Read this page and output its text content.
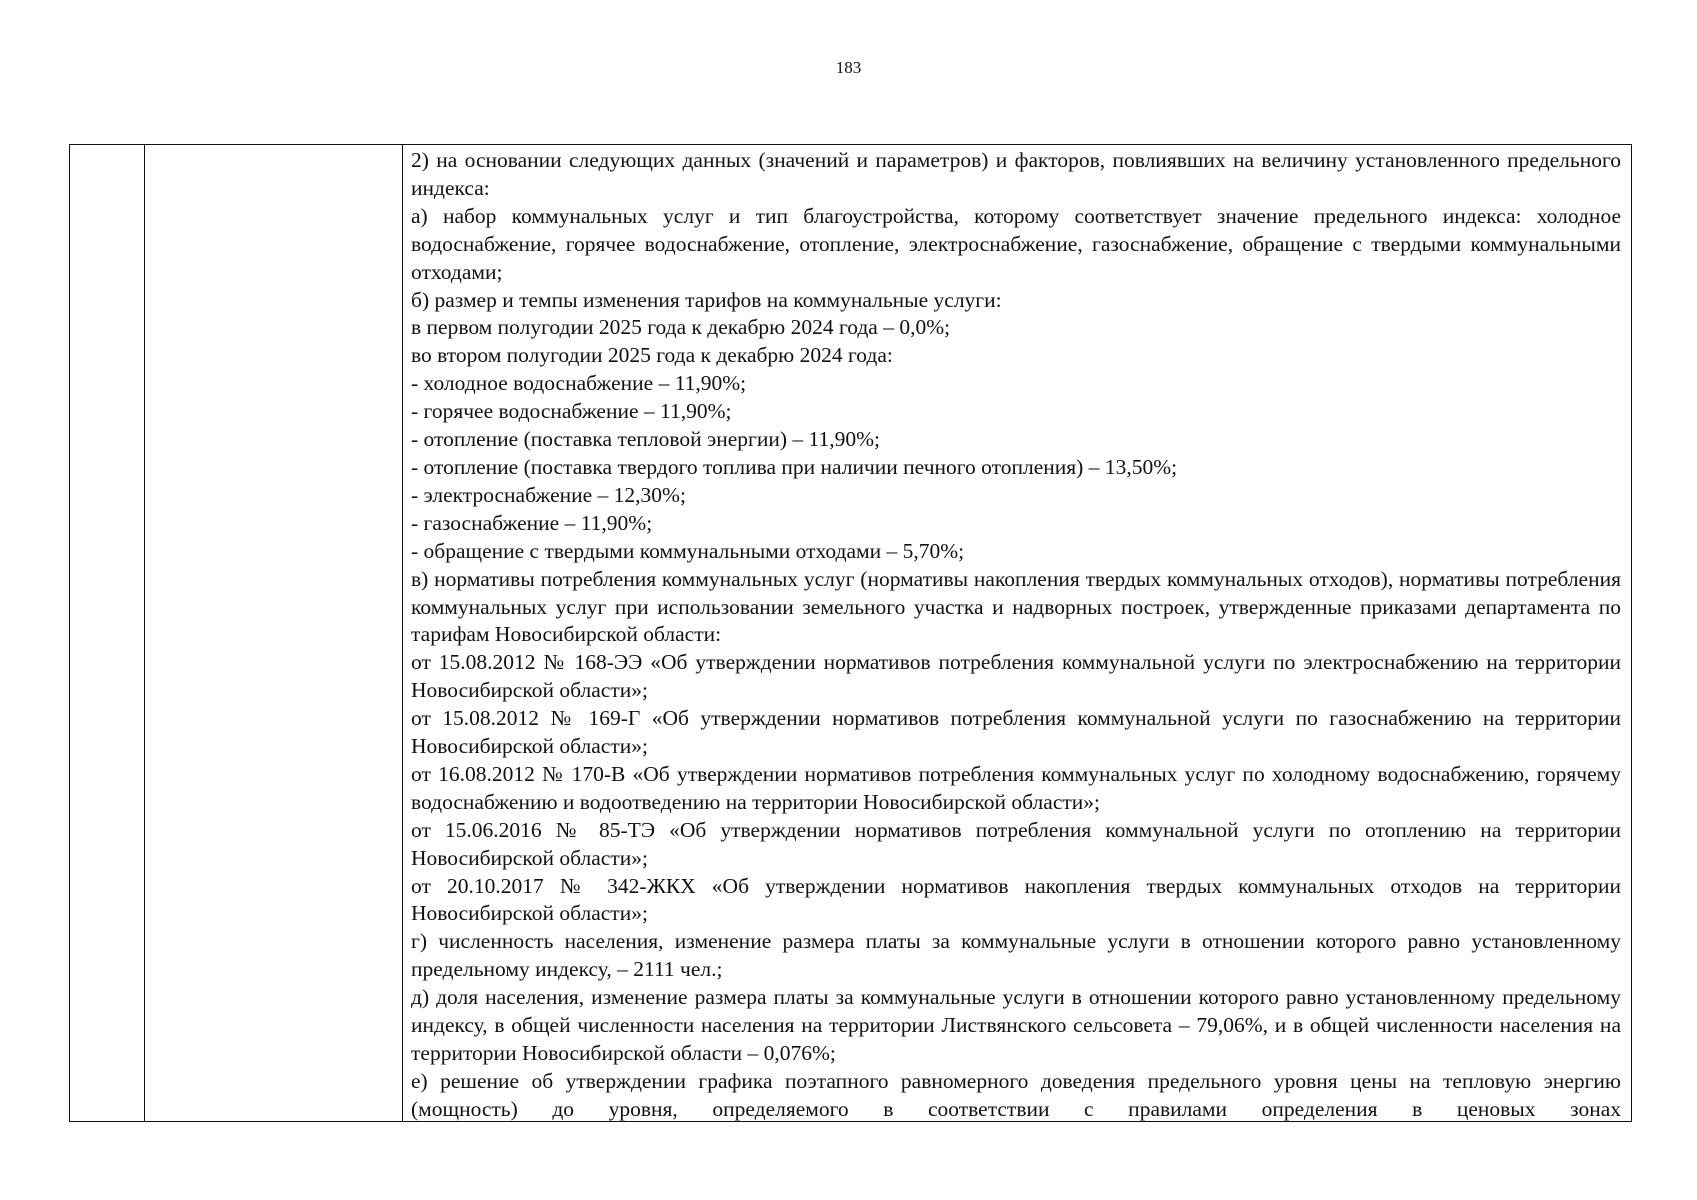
183

2) на основании следующих данных (значений и параметров) и факторов, повлиявших на величину установленного предельного индекса:

а) набор коммунальных услуг и тип благоустройства, которому соответствует значение предельного индекса: холодное водоснабжение, горячее водоснабжение, отопление, электроснабжение, газоснабжение, обращение с твердыми коммунальными отходами;

б) размер и темпы изменения тарифов на коммунальные услуги:

в первом полугодии 2025 года к декабрю 2024 года – 0,0%;

во втором полугодии 2025 года к декабрю 2024 года:

- холодное водоснабжение – 11,90%;

- горячее водоснабжение – 11,90%;

- отопление (поставка тепловой энергии) – 11,90%;

- отопление (поставка твердого топлива при наличии печного отопления) – 13,50%;

- электроснабжение – 12,30%;

- газоснабжение – 11,90%;

- обращение с твердыми коммунальными отходами – 5,70%;

в) нормативы потребления коммунальных услуг (нормативы накопления твердых коммунальных отходов), нормативы потребления коммунальных услуг при использовании земельного участка и надворных построек, утвержденные приказами департамента по тарифам Новосибирской области:

от 15.08.2012 № 168-ЭЭ «Об утверждении нормативов потребления коммунальной услуги по электроснабжению на территории Новосибирской области»;

от 15.08.2012 № 169-Г «Об утверждении нормативов потребления коммунальной услуги по газоснабжению на территории Новосибирской области»;

от 16.08.2012 № 170-В «Об утверждении нормативов потребления коммунальных услуг по холодному водоснабжению, горячему водоснабжению и водоотведению на территории Новосибирской области»;

от 15.06.2016 № 85-ТЭ «Об утверждении нормативов потребления коммунальной услуги по отоплению на территории Новосибирской области»;

от 20.10.2017 № 342-ЖКХ «Об утверждении нормативов накопления твердых коммунальных отходов на территории Новосибирской области»;

г) численность населения, изменение размера платы за коммунальные услуги в отношении которого равно установленному предельному индексу, – 2111 чел.;

д) доля населения, изменение размера платы за коммунальные услуги в отношении которого равно установленному предельному индексу, в общей численности населения на территории Листвянского сельсовета – 79,06%, и в общей численности населения на территории Новосибирской области – 0,076%;

е) решение об утверждении графика поэтапного равномерного доведения предельного уровня цены на тепловую энергию (мощность) до уровня, определяемого в соответствии с правилами определения в ценовых зонах
